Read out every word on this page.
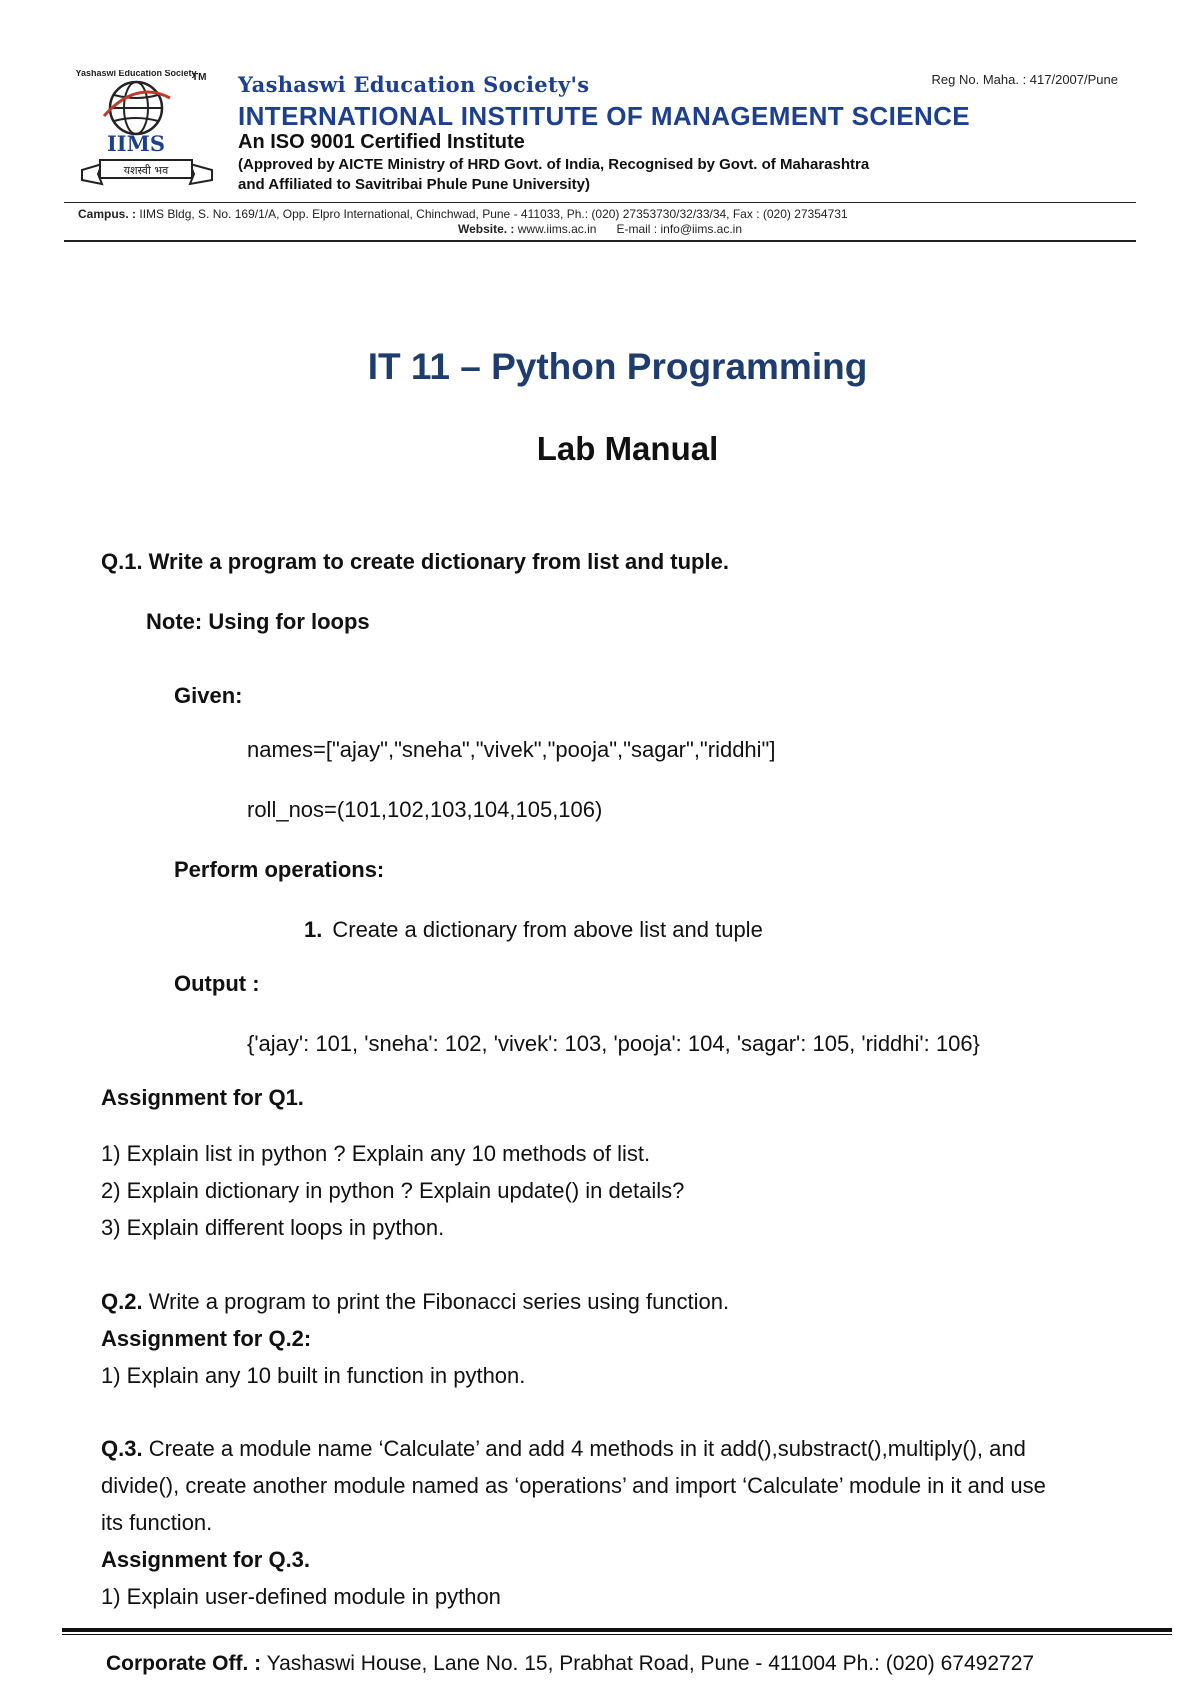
Yashaswi Education Society
TM
IIMS
यशस्वी भव
Yashaswi Education Society's	Reg No. Maha. : 417/2007/Pune
INTERNATIONAL INSTITUTE OF MANAGEMENT SCIENCE
An ISO 9001 Certified Institute
(Approved by AICTE Ministry of HRD Govt. of India, Recognised by Govt. of Maharashtra
and Affiliated to Savitribai Phule Pune University)
Campus. : IIMS Bldg, S. No. 169/1/A, Opp. Elpro International, Chinchwad, Pune - 411033, Ph.: (020) 27353730/32/33/34, Fax : (020) 27354731
Website. : www.iims.ac.in E-mail : info@iims.ac.in
IT 11 – Python Programming
Lab Manual
Q.1. Write a program to create dictionary from list and tuple.
Note: Using for loops
Given:
names=["ajay","sneha","vivek","pooja","sagar","riddhi"]
roll_nos=(101,102,103,104,105,106)
Perform operations:
1. Create a dictionary from above list and tuple
Output :
{'ajay': 101, 'sneha': 102, 'vivek': 103, 'pooja': 104, 'sagar': 105, 'riddhi': 106}
Assignment for Q1.
1) Explain list in python ? Explain any 10 methods of list.
2) Explain dictionary in python ? Explain update() in details?
3) Explain different loops in python.
Q.2. Write a program to print the Fibonacci series using function.
Assignment for Q.2:
1) Explain any 10 built in function in python.
Q.3. Create a module name ‘Calculate’ and add 4 methods in it add(),substract(),multiply(), and
divide(), create another module named as ‘operations’ and import ‘Calculate’ module in it and use
its function.
Assignment for Q.3.
1) Explain user-defined module in python
Corporate Off. : Yashaswi House, Lane No. 15, Prabhat Road, Pune - 411004 Ph.: (020) 67492727
